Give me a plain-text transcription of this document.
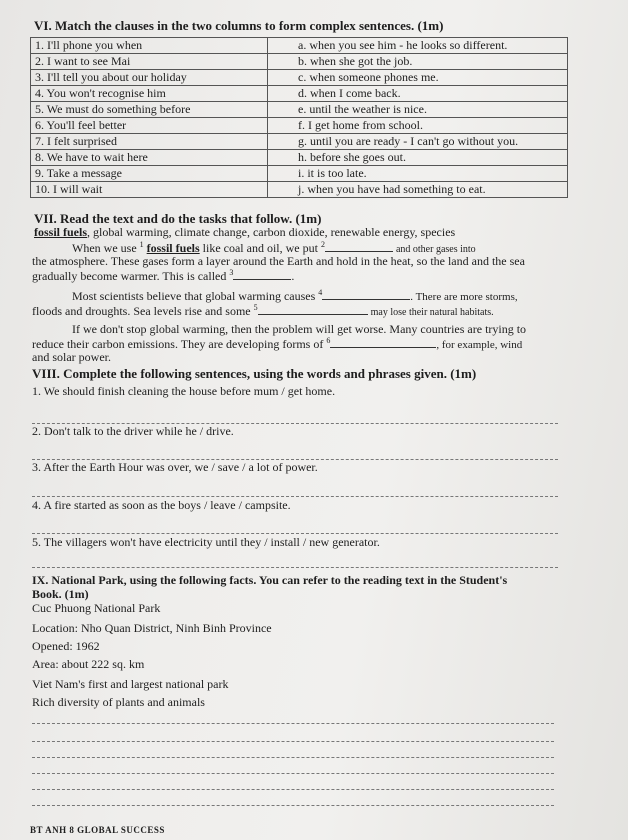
VI. Match the clauses in the two columns to form complex sentences. (1m)
1. I'll phone you when	a. when you see him - he looks so different.
2. I want to see Mai	b. when she got the job.
3. I'll tell you about our holiday	c. when someone phones me.
4. You won't recognise him	d. when I come back.
5. We must do something before	e. until the weather is nice.
6. You'll feel better	f. I get home from school.
7. I felt surprised	g. until you are ready - I can't go without you.
8. We have to wait here	h. before she goes out.
9. Take a message	i. it is too late.
10. I will wait	j. when you have had something to eat.
VII. Read the text and do the tasks that follow. (1m)
fossil fuels, global warming, climate change, carbon dioxide, renewable energy, species
When we use $^1$ fossil fuels like coal and oil, we put $^2$	and other gases into
the atmosphere. These gases form a layer around the Earth and hold in the heat, so the land and the sea
gradually become warmer. This is called $^3$	.
Most scientists believe that global warming causes $^4$	. There are more storms,
floods and droughts. Sea levels rise and some $^5$	may lose their natural habitats.
If we don't stop global warming, then the problem will get worse. Many countries are trying to
reduce their carbon emissions. They are developing forms of $^6$	, for example, wind
and solar power.
VIII. Complete the following sentences, using the words and phrases given. (1m)
1. We should finish cleaning the house before mum / get home.
2. Don't talk to the driver while he / drive.
3. After the Earth Hour was over, we / save / a lot of power.
4. A fire started as soon as the boys / leave / campsite.
5. The villagers won't have electricity until they / install / new generator.
IX. National Park, using the following facts. You can refer to the reading text in the Student's
Book. (1m)
Cuc Phuong National Park
Location: Nho Quan District, Ninh Binh Province
Opened: 1962
Area: about 222 sq. km
Viet Nam's first and largest national park
Rich diversity of plants and animals
BT ANH 8 GLOBAL SUCCESS
